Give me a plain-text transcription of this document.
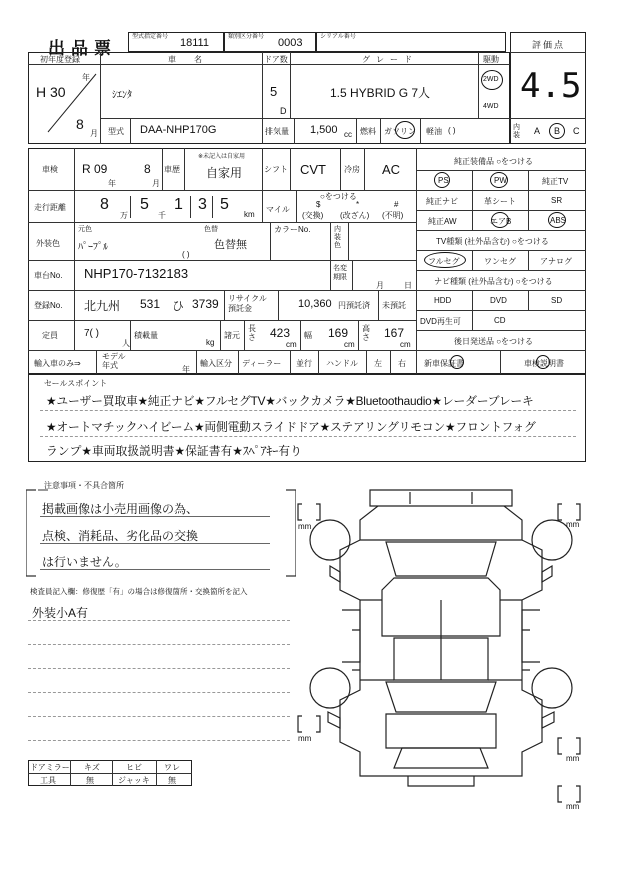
出品票
型式指定番号 18111	類別区分番号 0003	シリアル番号
評価点
4.5
内装	A B C
初年度登録
H 30
年
8
月
車名
ｼｴﾝﾀ
ドア数
5
D
グレード
1.5 HYBRID G 7人
駆動
2WD
4WD
型式 DAA-NHP170G	排気量 1,500 cc 燃料 ガソリン 軽油 ( )
車検 R 09
年
8
月
車歴
※未記入は自家用
自家用	シフト CVT 冷房 AC
走行距離 8
万
5
千
1 3 5
km
マイル
○をつける
$
(交換)
*
(改ざん)
#
(不明)
外装色
元色
ﾊﾟｰﾌﾟﾙ
色替
色替無
( )
カラーNo.	内装色
車台No. NHP170-7132183	名変期限
月	日
登録No. 北九州 531 ひ 3739 リサイクル預託金	10,360 円預託済 未預託
定員	7( )
人
積載量
kg
諸元
長さ 423
cm
幅 169
cm
高さ 167
cm
輸入車のみ⇒
モデル年式	年
輸入区分 ディーラー 並行 ハンドル 左 右
純正装備品 ○をつける
PS	PW	純正TV
純正ナビ	革シート	SR
純正AW	エアB	ABS
TV種類 (社外品含む) ○をつける
フルセグ	ワンセグ	アナログ
ナビ種類 (社外品含む) ○をつける
HDD	DVD	SD
DVD再生可	CD
後日発送品 ○をつける
新車保証書	車検説明書
セールスポイント
★ユーザー買取車★純正ナビ★フルセグTV★バックカメラ★Bluetoothaudio★レーダーブレーキ
★オートマチックハイビーム★両側電動スライドドア★ステアリングリモコン★フロントフォグ
ランプ★車両取扱説明書★保証書有★ｽﾍﾟｱｷｰ有り
注意事項・不具合箇所
掲載画像は小売用画像の為、
点検、消耗品、劣化品の交換
は行いません。
検査員記入欄：修復歴「有」の場合は修復箇所・交換箇所を記入
外装小A有
ドアミラー キズ	ヒビ	ワレ
工具	無	ジャッキ 無
mm	mm
mm
mm
mm
